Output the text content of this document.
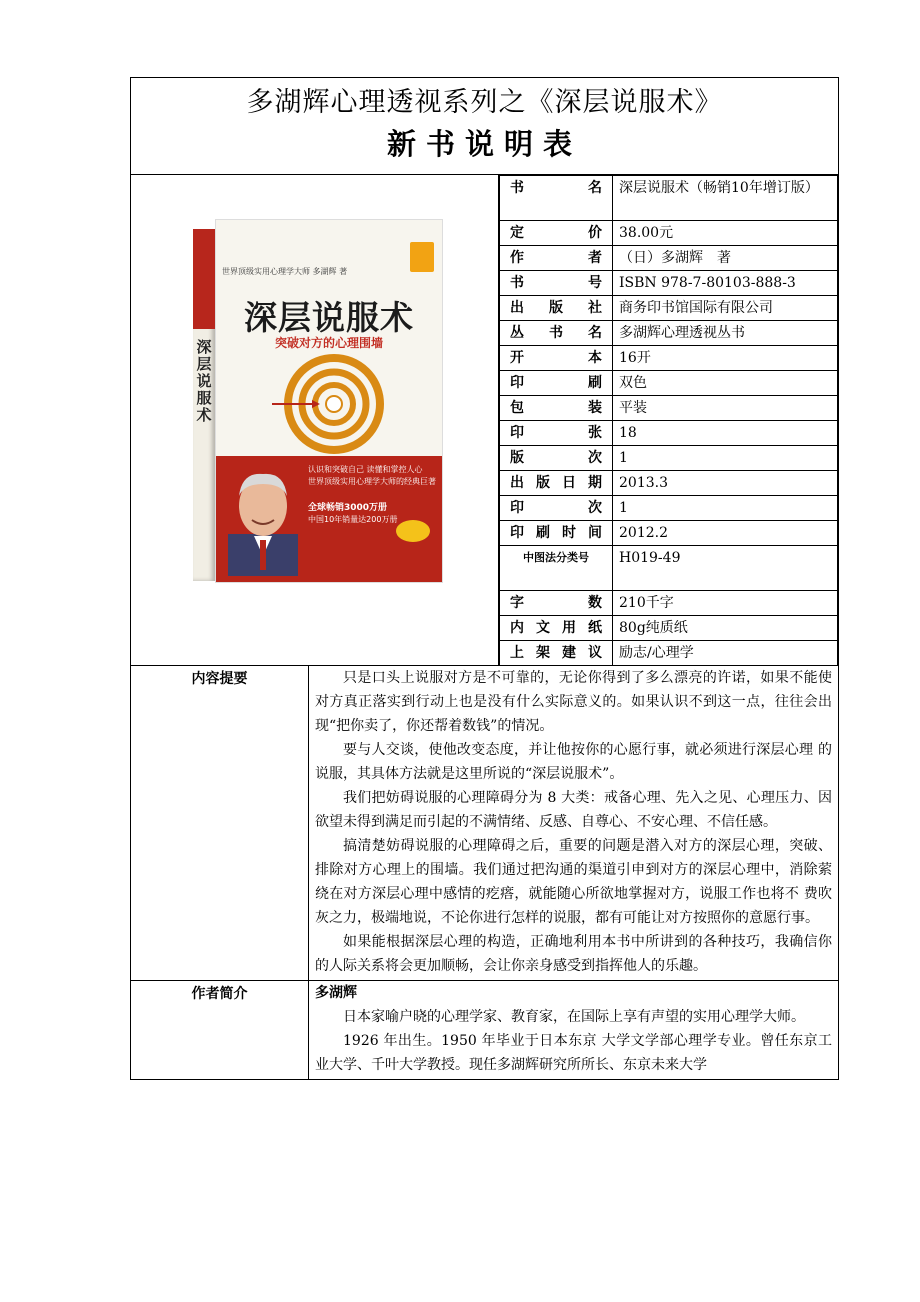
多湖辉心理透视系列之《深层说服术》
新书说明表

深层说服术
世界顶级实用心理学大师 多湖辉 著
深层说服术
突破对方的心理围墙
认识和突破自己 读懂和掌控人心
世界顶级实用心理学大师的经典巨著
全球畅销3000万册
中国10年销量达200万册

书名	深层说服术（畅销10年增订版）
定价	38.00元
作者	（日）多湖辉　著
书号	ISBN 978-7-80103-888-3
出版社	商务印书馆国际有限公司
丛书名	多湖辉心理透视丛书
开本	16开
印刷	双色
包装	平装
印张	18
版次	1
出版日期	2013.3
印次	1
印刷时间	2012.2
中图法分类号	H019-49
字数	210千字
内文用纸	80g纯质纸
上架建议	励志/心理学

内容提要	只是口头上说服对方是不可靠的，无论你得到了多么漂亮的许诺，如果不能使对方真正落实到行动上也是没有什么实际意义的。如果认识不到这一点，往往会出现“把你卖了，你还帮着数钱”的情况。

要与人交谈，使他改变态度，并让他按你的心愿行事，就必须进行深层心理 的说服，其具体方法就是这里所说的“深层说服术”。

我们把妨碍说服的心理障碍分为 8 大类：戒备心理、先入之见、心理压力、因欲望未得到满足而引起的不满情绪、反感、自尊心、不安心理、不信任感。

搞清楚妨碍说服的心理障碍之后，重要的问题是潜入对方的深层心理，突破、排除对方心理上的围墙。我们通过把沟通的渠道引申到对方的深层心理中，消除萦绕在对方深层心理中感情的疙瘩，就能随心所欲地掌握对方，说服工作也将不 费吹灰之力，极端地说，不论你进行怎样的说服，都有可能让对方按照你的意愿行事。

如果能根据深层心理的构造，正确地利用本书中所讲到的各种技巧，我确信你的人际关系将会更加顺畅，会让你亲身感受到指挥他人的乐趣。

作者简介	多湖辉

日本家喻户晓的心理学家、教育家，在国际上享有声望的实用心理学大师。

1926 年出生。1950 年毕业于日本东京 大学文学部心理学专业。曾任东京工业大学、千叶大学教授。现任多湖辉研究所所长、东京未来大学
